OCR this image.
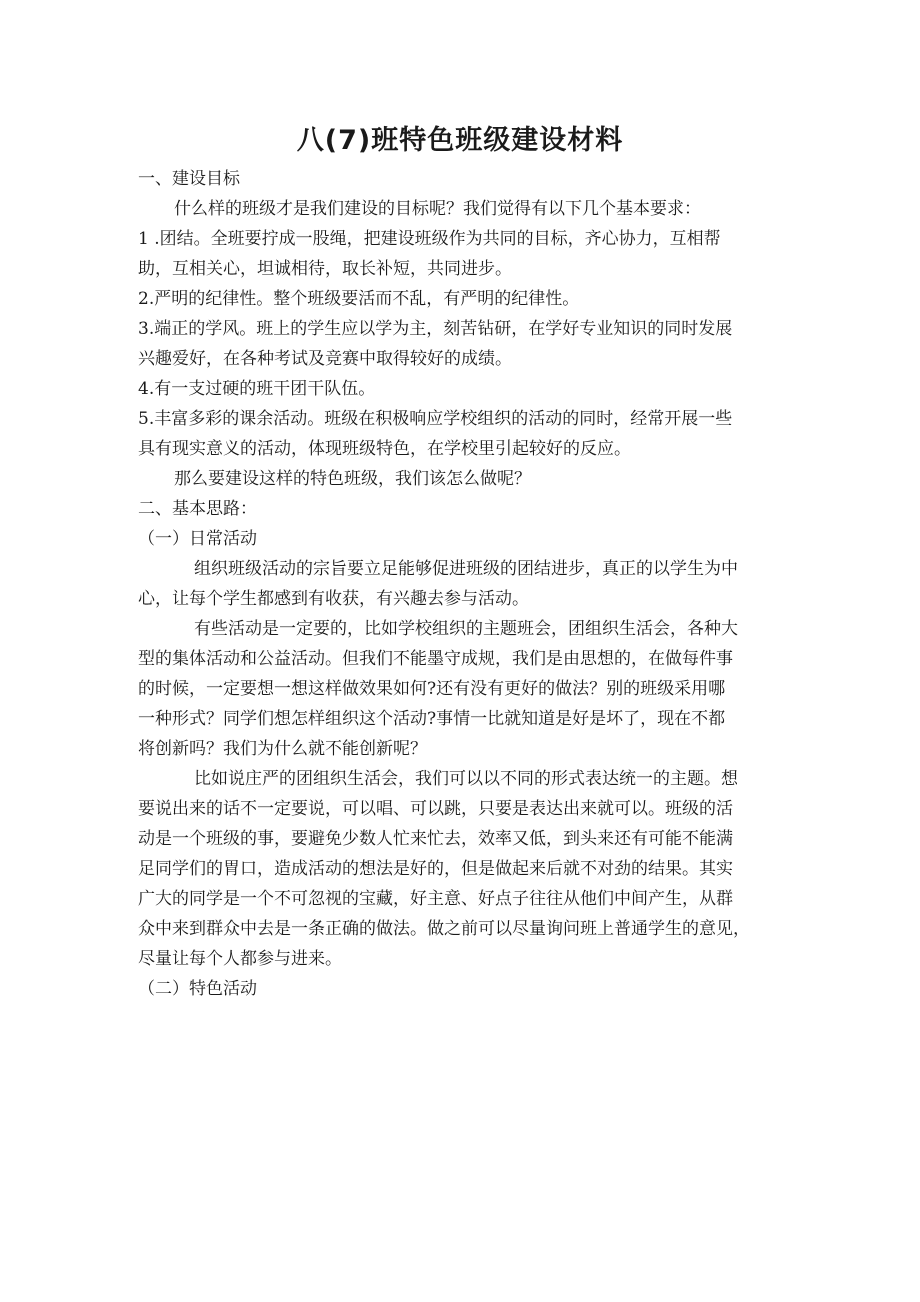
八(7)班特色班级建设材料

一、建设目标

什么样的班级才是我们建设的目标呢？我们觉得有以下几个基本要求：

1 .团结。全班要拧成一股绳，把建设班级作为共同的目标，齐心协力，互相帮

助，互相关心，坦诚相待，取长补短，共同进步。

2.严明的纪律性。整个班级要活而不乱，有严明的纪律性。

3.端正的学风。班上的学生应以学为主，刻苦钻研，在学好专业知识的同时发展

兴趣爱好，在各种考试及竞赛中取得较好的成绩。

4.有一支过硬的班干团干队伍。

5.丰富多彩的课余活动。班级在积极响应学校组织的活动的同时，经常开展一些

具有现实意义的活动，体现班级特色，在学校里引起较好的反应。

那么要建设这样的特色班级，我们该怎么做呢？

二、基本思路：

（一）日常活动

组织班级活动的宗旨要立足能够促进班级的团结进步，真正的以学生为中

心，让每个学生都感到有收获，有兴趣去参与活动。

有些活动是一定要的，比如学校组织的主题班会，团组织生活会，各种大

型的集体活动和公益活动。但我们不能墨守成规，我们是由思想的，在做每件事

的时候，一定要想一想这样做效果如何?还有没有更好的做法？别的班级采用哪

一种形式？同学们想怎样组织这个活动?事情一比就知道是好是坏了，现在不都

将创新吗？我们为什么就不能创新呢？

比如说庄严的团组织生活会，我们可以以不同的形式表达统一的主题。想

要说出来的话不一定要说，可以唱、可以跳，只要是表达出来就可以。班级的活

动是一个班级的事，要避免少数人忙来忙去，效率又低，到头来还有可能不能满

足同学们的胃口，造成活动的想法是好的，但是做起来后就不对劲的结果。其实

广大的同学是一个不可忽视的宝藏，好主意、好点子往往从他们中间产生，从群

众中来到群众中去是一条正确的做法。做之前可以尽量询问班上普通学生的意见，

尽量让每个人都参与进来。

（二）特色活动
